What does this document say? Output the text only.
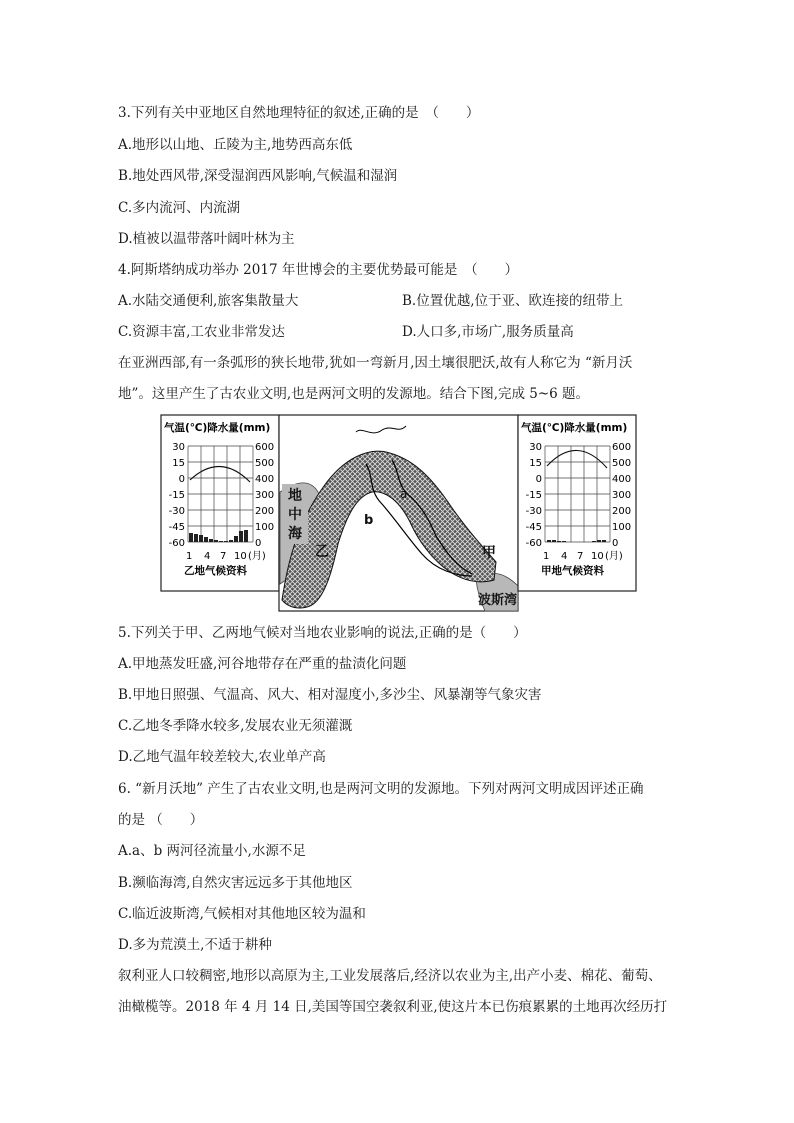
3.下列有关中亚地区自然地理特征的叙述,正确的是　（　　）
A.地形以山地、丘陵为主,地势西高东低
B.地处西风带,深受湿润西风影响,气候温和湿润
C.多内流河、内流湖
D.植被以温带落叶阔叶林为主
4.阿斯塔纳成功举办 2017 年世博会的主要优势最可能是　（　　）
A.水陆交通便利,旅客集散量大	B.位置优越,位于亚、欧连接的纽带上
C.资源丰富,工农业非常发达	D.人口多,市场广,服务质量高
在亚洲西部,有一条弧形的狭长地带,犹如一弯新月,因土壤很肥沃,故有人称它为 “新月沃
地”。这里产生了古农业文明,也是两河文明的发源地。结合下图,完成 5~6 题。
气温(℃)降水量(mm)
30
15
0
-15
-30
-45
-60
600
500
400
300
200
100
0
1 4 7 10 (月)
乙地气候资料
地中海
乙	甲
a
b
波斯湾
气温(℃)降水量(mm)
30
15
0
-15
-30
-45
-60
600
500
400
300
200
100
0
1 4 7 10 (月)
甲地气候资料
5.下列关于甲、乙两地气候对当地农业影响的说法,正确的是（　　）
A.甲地蒸发旺盛,河谷地带存在严重的盐渍化问题
B.甲地日照强、气温高、风大、相对湿度小,多沙尘、风暴潮等气象灾害
C.乙地冬季降水较多,发展农业无须灌溉
D.乙地气温年较差较大,农业单产高
6. “新月沃地” 产生了古农业文明,也是两河文明的发源地。下列对两河文明成因评述正确
的是 （　　）
A.a、b 两河径流量小,水源不足
B.濒临海湾,自然灾害远远多于其他地区
C.临近波斯湾,气候相对其他地区较为温和
D.多为荒漠土,不适于耕种
叙利亚人口较稠密,地形以高原为主,工业发展落后,经济以农业为主,出产小麦、棉花、葡萄、
油橄榄等。2018 年 4 月 14 日,美国等国空袭叙利亚,使这片本已伤痕累累的土地再次经历打
